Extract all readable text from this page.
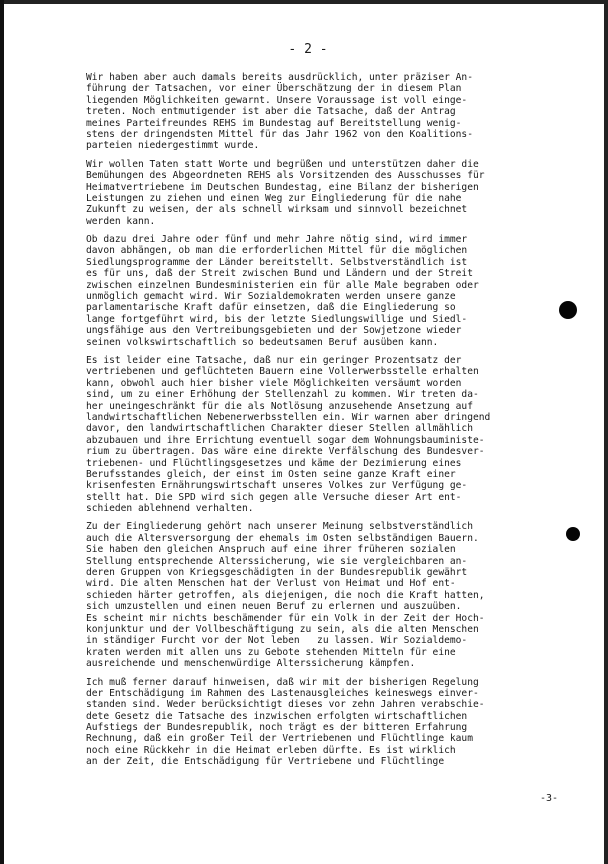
- 2 -
Wir haben aber auch damals bereits ausdrücklich, unter präziser An-
führung der Tatsachen, vor einer Überschätzung der in diesem Plan
liegenden Möglichkeiten gewarnt. Unsere Voraussage ist voll einge-
treten. Noch entmutigender ist aber die Tatsache, daß der Antrag
meines Parteifreundes REHS im Bundestag auf Bereitstellung wenig-
stens der dringendsten Mittel für das Jahr 1962 von den Koalitions-
parteien niedergestimmt wurde.
Wir wollen Taten statt Worte und begrüßen und unterstützen daher die
Bemühungen des Abgeordneten REHS als Vorsitzenden des Ausschusses für
Heimatvertriebene im Deutschen Bundestag, eine Bilanz der bisherigen
Leistungen zu ziehen und einen Weg zur Eingliederung für die nahe
Zukunft zu weisen, der als schnell wirksam und sinnvoll bezeichnet
werden kann.
Ob dazu drei Jahre oder fünf und mehr Jahre nötig sind, wird immer
davon abhängen, ob man die erforderlichen Mittel für die möglichen
Siedlungsprogramme der Länder bereitstellt. Selbstverständlich ist
es für uns, daß der Streit zwischen Bund und Ländern und der Streit
zwischen einzelnen Bundesministerien ein für alle Male begraben oder
unmöglich gemacht wird. Wir Sozialdemokraten werden unsere ganze
parlamentarische Kraft dafür einsetzen, daß die Eingliederung so
lange fortgeführt wird, bis der letzte Siedlungswillige und Siedl-
ungsfähige aus den Vertreibungsgebieten und der Sowjetzone wieder
seinen volkswirtschaftlich so bedeutsamen Beruf ausüben kann.
Es ist leider eine Tatsache, daß nur ein geringer Prozentsatz der
vertriebenen und geflüchteten Bauern eine Vollerwerbsstelle erhalten
kann, obwohl auch hier bisher viele Möglichkeiten versäumt worden
sind, um zu einer Erhöhung der Stellenzahl zu kommen. Wir treten da-
her uneingeschränkt für die als Notlösung anzusehende Ansetzung auf
landwirtschaftlichen Nebenerwerbsstellen ein. Wir warnen aber dringend
davor, den landwirtschaftlichen Charakter dieser Stellen allmählich
abzubauen und ihre Errichtung eventuell sogar dem Wohnungsbauministe-
rium zu übertragen. Das wäre eine direkte Verfälschung des Bundesver-
triebenen- und Flüchtlingsgesetzes und käme der Dezimierung eines
Berufsstandes gleich, der einst im Osten seine ganze Kraft einer
krisenfesten Ernährungswirtschaft unseres Volkes zur Verfügung ge-
stellt hat. Die SPD wird sich gegen alle Versuche dieser Art ent-
schieden ablehnend verhalten.
Zu der Eingliederung gehört nach unserer Meinung selbstverständlich
auch die Altersversorgung der ehemals im Osten selbständigen Bauern.
Sie haben den gleichen Anspruch auf eine ihrer früheren sozialen
Stellung entsprechende Alterssicherung, wie sie vergleichbaren an-
deren Gruppen von Kriegsgeschädigten in der Bundesrepublik gewährt
wird. Die alten Menschen hat der Verlust von Heimat und Hof ent-
schieden härter getroffen, als diejenigen, die noch die Kraft hatten,
sich umzustellen und einen neuen Beruf zu erlernen und auszuüben.
Es scheint mir nichts beschämender für ein Volk in der Zeit der Hoch-
konjunktur und der Vollbeschäftigung zu sein, als die alten Menschen
in ständiger Furcht vor der Not leben   zu lassen. Wir Sozialdemo-
kraten werden mit allen uns zu Gebote stehenden Mitteln für eine
ausreichende und menschenwürdige Alterssicherung kämpfen.
Ich muß ferner darauf hinweisen, daß wir mit der bisherigen Regelung
der Entschädigung im Rahmen des Lastenausgleiches keineswegs einver-
standen sind. Weder berücksichtigt dieses vor zehn Jahren verabschie-
dete Gesetz die Tatsache des inzwischen erfolgten wirtschaftlichen
Aufstiegs der Bundesrepublik, noch trägt es der bitteren Erfahrung
Rechnung, daß ein großer Teil der Vertriebenen und Flüchtlinge kaum
noch eine Rückkehr in die Heimat erleben dürfte. Es ist wirklich
an der Zeit, die Entschädigung für Vertriebene und Flüchtlinge
-3-
